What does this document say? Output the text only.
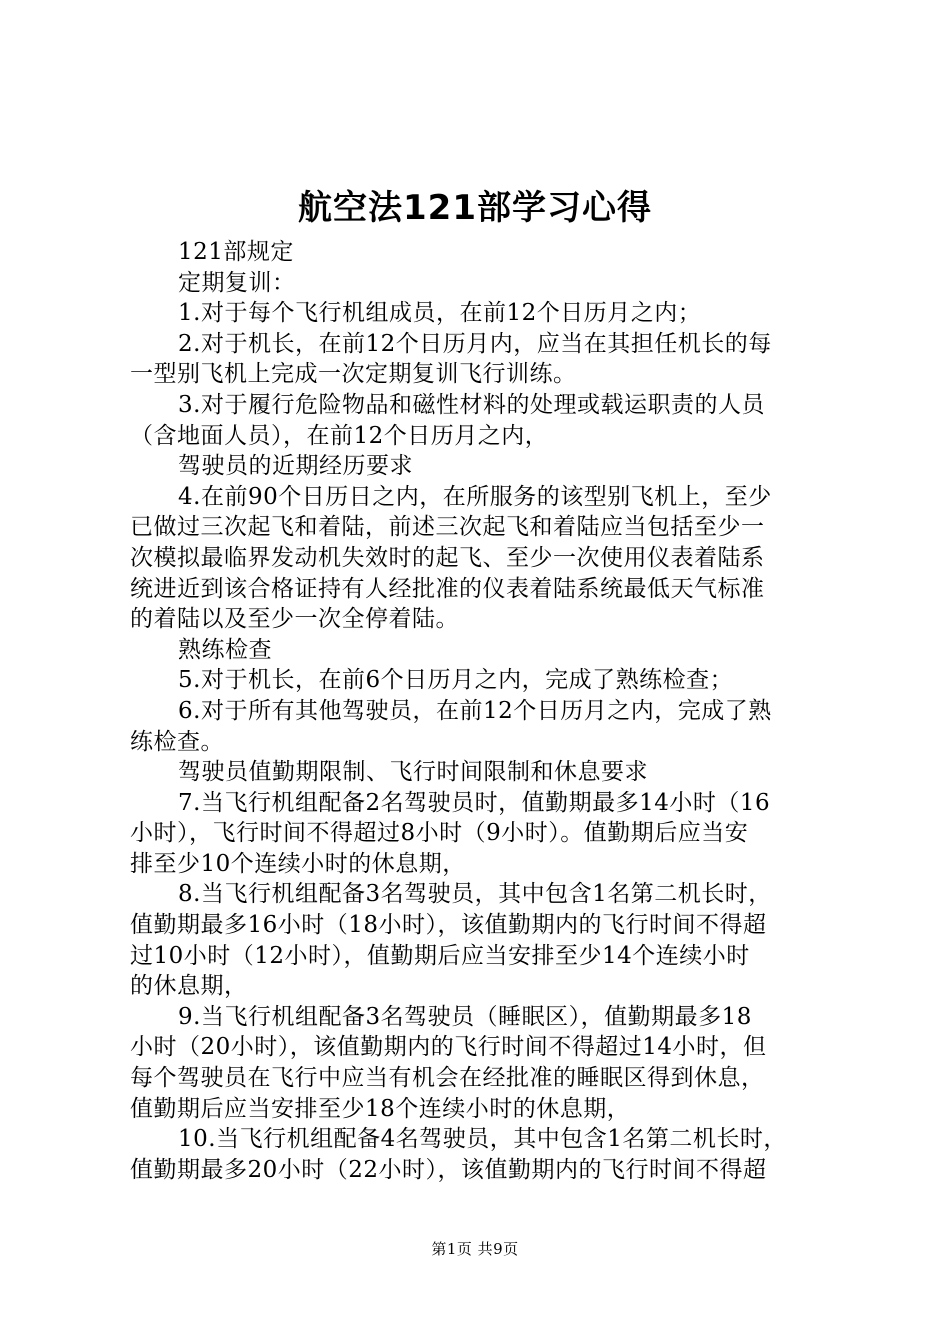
航空法121部学习心得
121部规定
定期复训：
1.对于每个飞行机组成员，在前12个日历月之内；
2.对于机长，在前12个日历月内，应当在其担任机长的每
一型别飞机上完成一次定期复训飞行训练。
3.对于履行危险物品和磁性材料的处理或载运职责的人员
（含地面人员），在前12个日历月之内，
驾驶员的近期经历要求
4.在前90个日历日之内，在所服务的该型别飞机上，至少
已做过三次起飞和着陆，前述三次起飞和着陆应当包括至少一
次模拟最临界发动机失效时的起飞、至少一次使用仪表着陆系
统进近到该合格证持有人经批准的仪表着陆系统最低天气标准
的着陆以及至少一次全停着陆。
熟练检查
5.对于机长，在前6个日历月之内，完成了熟练检查；
6.对于所有其他驾驶员，在前12个日历月之内，完成了熟
练检查。
驾驶员值勤期限制、飞行时间限制和休息要求
7.当飞行机组配备2名驾驶员时，值勤期最多14小时（16
小时），飞行时间不得超过8小时（9小时）。值勤期后应当安
排至少10个连续小时的休息期，
8.当飞行机组配备3名驾驶员，其中包含1名第二机长时，
值勤期最多16小时（18小时），该值勤期内的飞行时间不得超
过10小时（12小时），值勤期后应当安排至少14个连续小时
的休息期，
9.当飞行机组配备3名驾驶员（睡眠区），值勤期最多18
小时（20小时），该值勤期内的飞行时间不得超过14小时，但
每个驾驶员在飞行中应当有机会在经批准的睡眠区得到休息，
值勤期后应当安排至少18个连续小时的休息期，
10.当飞行机组配备4名驾驶员，其中包含1名第二机长时，
值勤期最多20小时（22小时），该值勤期内的飞行时间不得超
第1页 共9页
